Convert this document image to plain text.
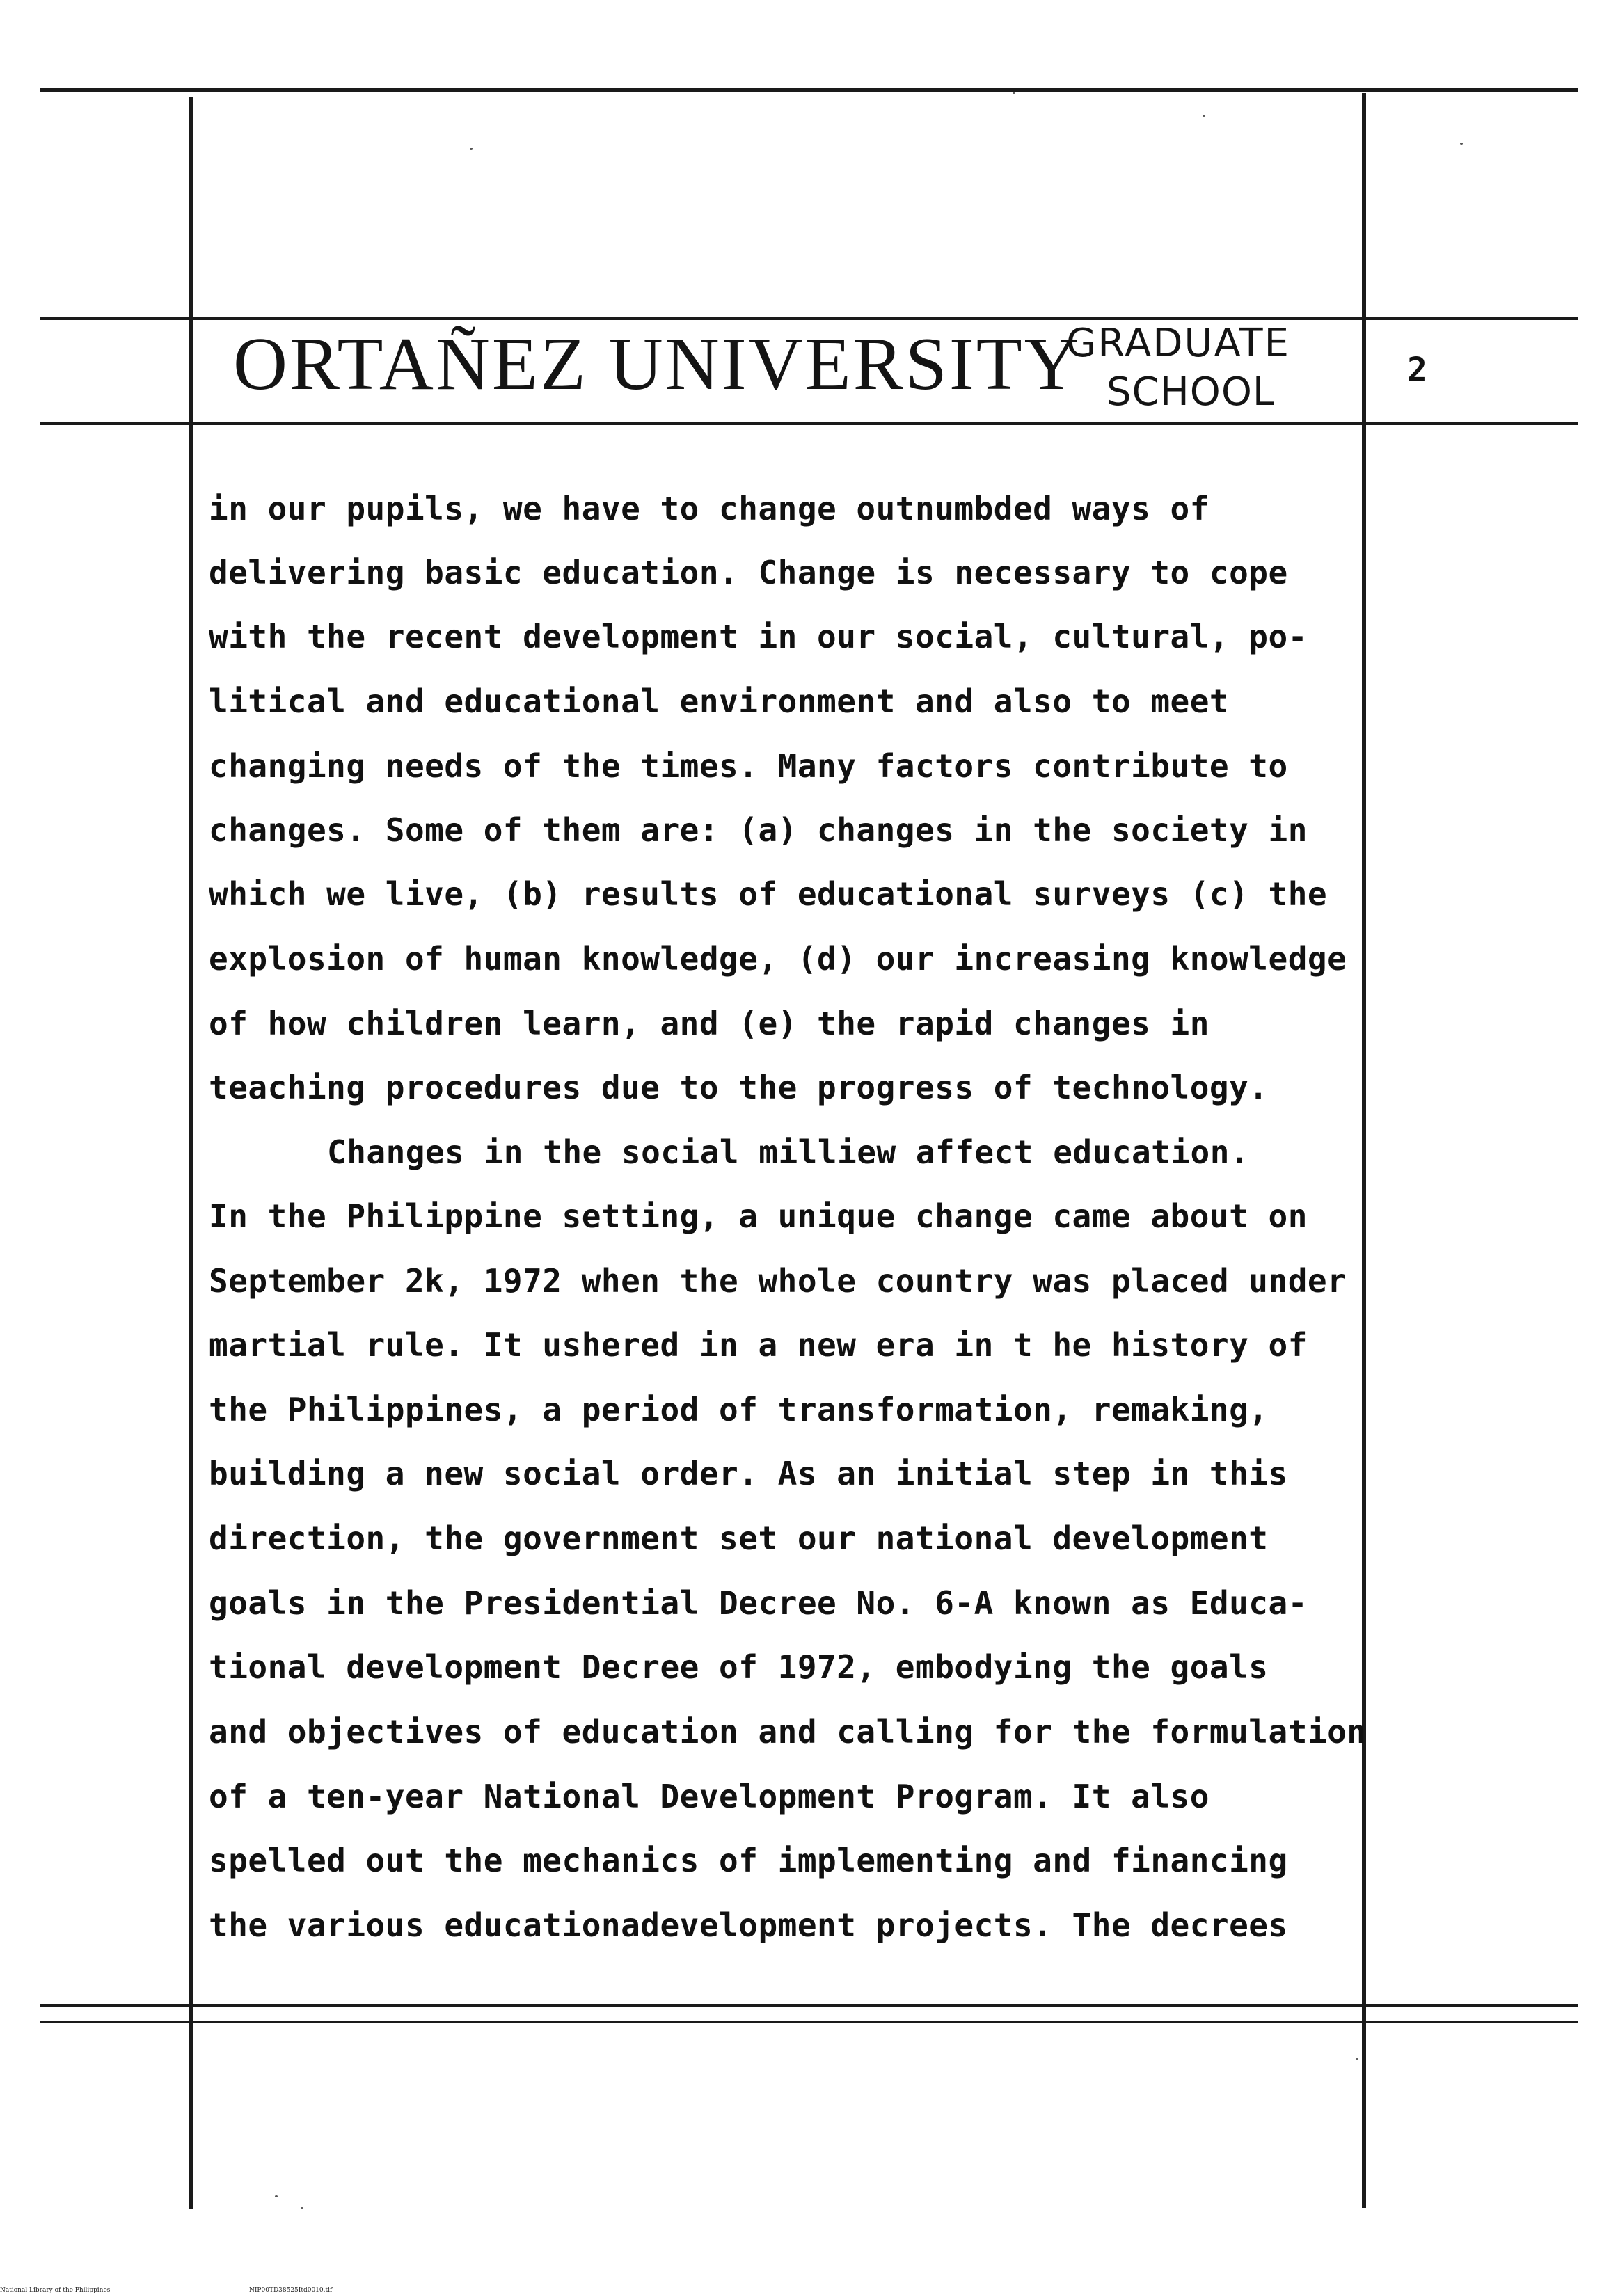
ORTAÑEZ UNIVERSITY
GRADUATE
SCHOOL	2
in our pupils, we have to change outnumbded ways of
delivering basic education. Change is necessary to cope
with the recent development in our social, cultural, po-
litical and educational environment and also to meet
changing needs of the times. Many factors contribute to
changes. Some of them are: (a) changes in the society in
which we live, (b) results of educational surveys (c) the
explosion of human knowledge, (d) our increasing knowledge
of how children learn, and (e) the rapid changes in
teaching procedures due to the progress of technology.
Changes in the social milliew affect education.
In the Philippine setting, a unique change came about on
September 2k, 1972 when the whole country was placed under
martial rule. It ushered in a new era in t he history of
the Philippines, a period of transformation, remaking,
building a new social order. As an initial step in this
direction, the government set our national development
goals in the Presidential Decree No. 6-A known as Educa-
tional development Decree of 1972, embodying the goals
and objectives of education and calling for the formulation
of a ten-year National Development Program. It also
spelled out the mechanics of implementing and financing
the various educationadevelopment projects. The decrees
National Library of the Philippines	NIP00TD38525Itd0010.tif
